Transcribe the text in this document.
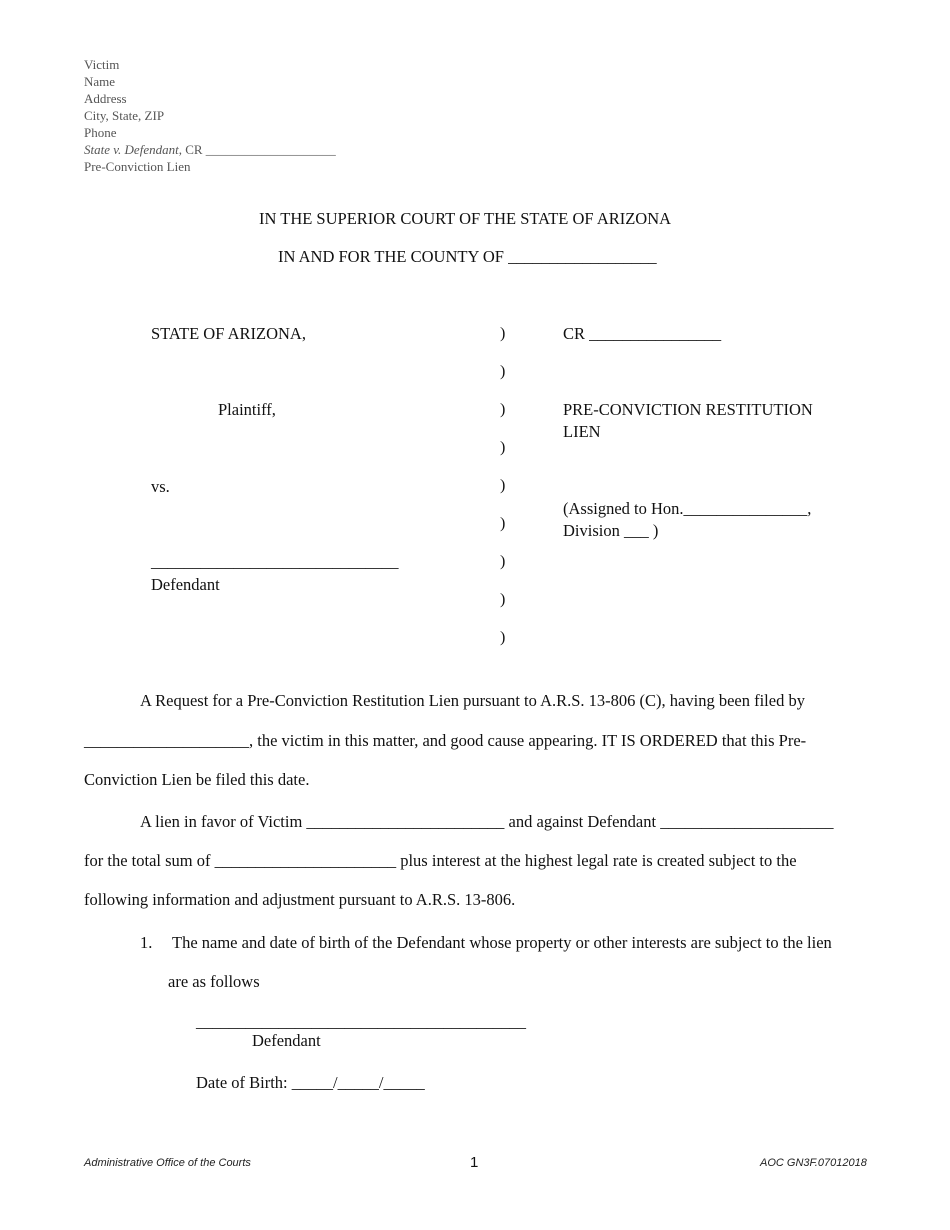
Victim
Name
Address
City, State, ZIP
Phone
State v. Defendant, CR ____________________
Pre-Conviction Lien
IN THE SUPERIOR COURT OF THE STATE OF ARIZONA
IN AND FOR THE COUNTY OF __________________
STATE OF ARIZONA,
Plaintiff,
vs.
______________________________
Defendant
)
)
)
)
)
)
)
)
)
CR ________________
PRE-CONVICTION RESTITUTION
LIEN
(Assigned to Hon._______________,
Division ___ )
A Request for a Pre-Conviction Restitution Lien pursuant to A.R.S. 13-806 (C), having been filed by
____________________, the victim in this matter, and good cause appearing. IT IS ORDERED that this Pre-
Conviction Lien be filed this date.
A lien in favor of Victim ________________________ and against Defendant _____________________
for the total sum of ______________________ plus interest at the highest legal rate is created subject to the
following information and adjustment pursuant to A.R.S. 13-806.
1. The name and date of birth of the Defendant whose property or other interests are subject to the lien
are as follows
________________________________________
Defendant
Date of Birth: _____/_____/_____
Administrative Office of the Courts	1	AOC GN3F.07012018
